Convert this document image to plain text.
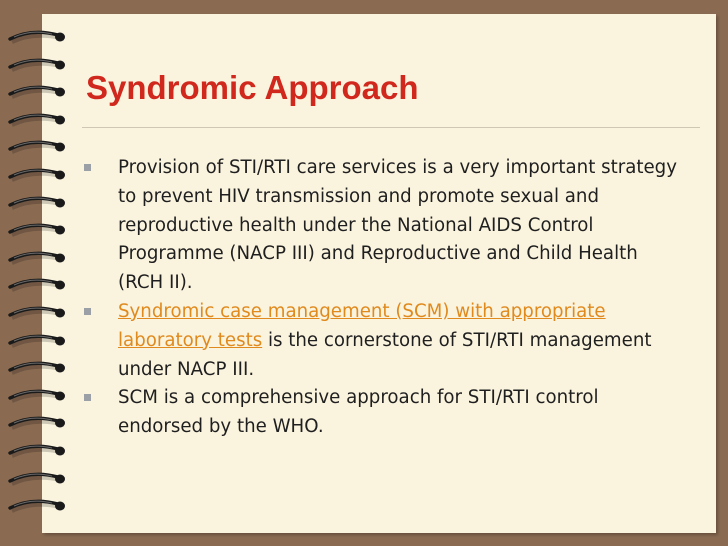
Syndromic Approach
Provision of STI/RTI care services is a very important strategy to prevent HIV transmission and promote sexual and reproductive health under the National AIDS Control Programme (NACP III) and Reproductive and Child Health (RCH II).
Syndromic case management (SCM) with appropriate laboratory tests is the cornerstone of STI/RTI management under NACP III.
SCM is a comprehensive approach for STI/RTI control endorsed by the WHO.
